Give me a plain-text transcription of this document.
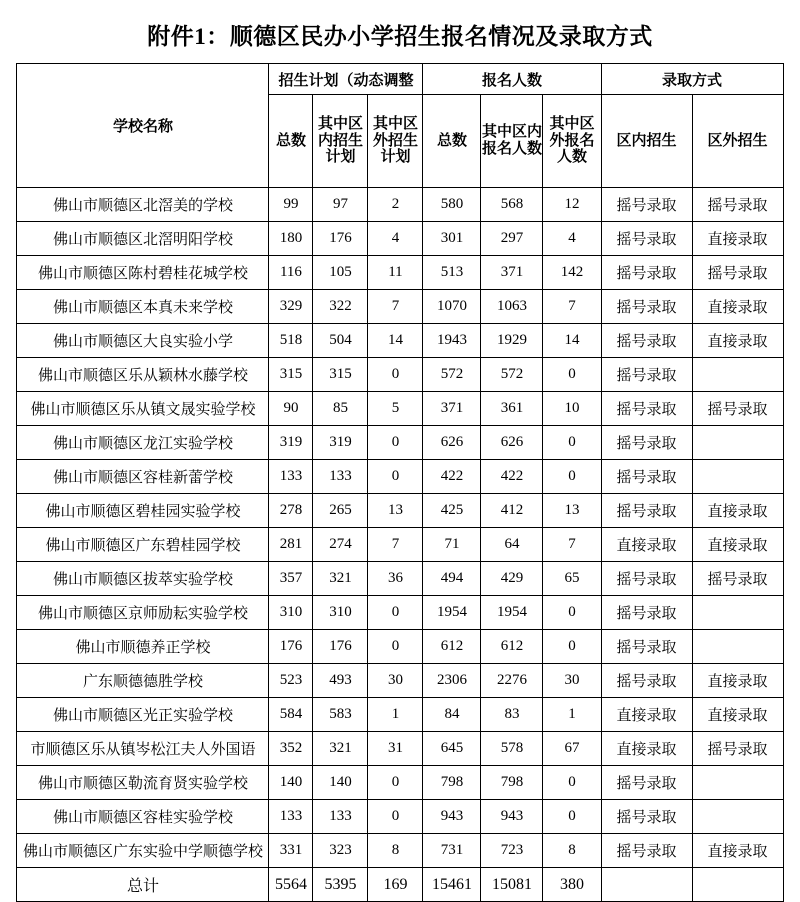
附件1：顺德区民办小学招生报名情况及录取方式
学校名称	招生计划（动态调整			报名人数			录取方式	

	总数	其中区内招生计划	其中区外招生计划	总数	其中区内报名人数	其中区外报名人数	区内招生	区外招生

佛山市顺德区北滘美的学校	99	97	2	580	568	12	摇号录取	摇号录取
佛山市顺德区北滘明阳学校	180	176	4	301	297	4	摇号录取	直接录取
佛山市顺德区陈村碧桂花城学校	116	105	11	513	371	142	摇号录取	摇号录取
佛山市顺德区本真未来学校	329	322	7	1070	1063	7	摇号录取	直接录取
佛山市顺德区大良实验小学	518	504	14	1943	1929	14	摇号录取	直接录取
佛山市顺德区乐从颖林水藤学校	315	315	0	572	572	0	摇号录取	
佛山市顺德区乐从镇文晟实验学校	90	85	5	371	361	10	摇号录取	摇号录取
佛山市顺德区龙江实验学校	319	319	0	626	626	0	摇号录取	
佛山市顺德区容桂新蕾学校	133	133	0	422	422	0	摇号录取	
佛山市顺德区碧桂园实验学校	278	265	13	425	412	13	摇号录取	直接录取
佛山市顺德区广东碧桂园学校	281	274	7	71	64	7	直接录取	直接录取
佛山市顺德区拔萃实验学校	357	321	36	494	429	65	摇号录取	摇号录取
佛山市顺德区京师励耘实验学校	310	310	0	1954	1954	0	摇号录取	
佛山市顺德养正学校	176	176	0	612	612	0	摇号录取	
广东顺德德胜学校	523	493	30	2306	2276	30	摇号录取	直接录取
佛山市顺德区光正实验学校	584	583	1	84	83	1	直接录取	直接录取
市顺德区乐从镇岑松江夫人外国语	352	321	31	645	578	67	直接录取	摇号录取
佛山市顺德区勒流育贤实验学校	140	140	0	798	798	0	摇号录取	
佛山市顺德区容桂实验学校	133	133	0	943	943	0	摇号录取	
佛山市顺德区广东实验中学顺德学校	331	323	8	731	723	8	摇号录取	直接录取
总计	5564	5395	169	15461	15081	380		
